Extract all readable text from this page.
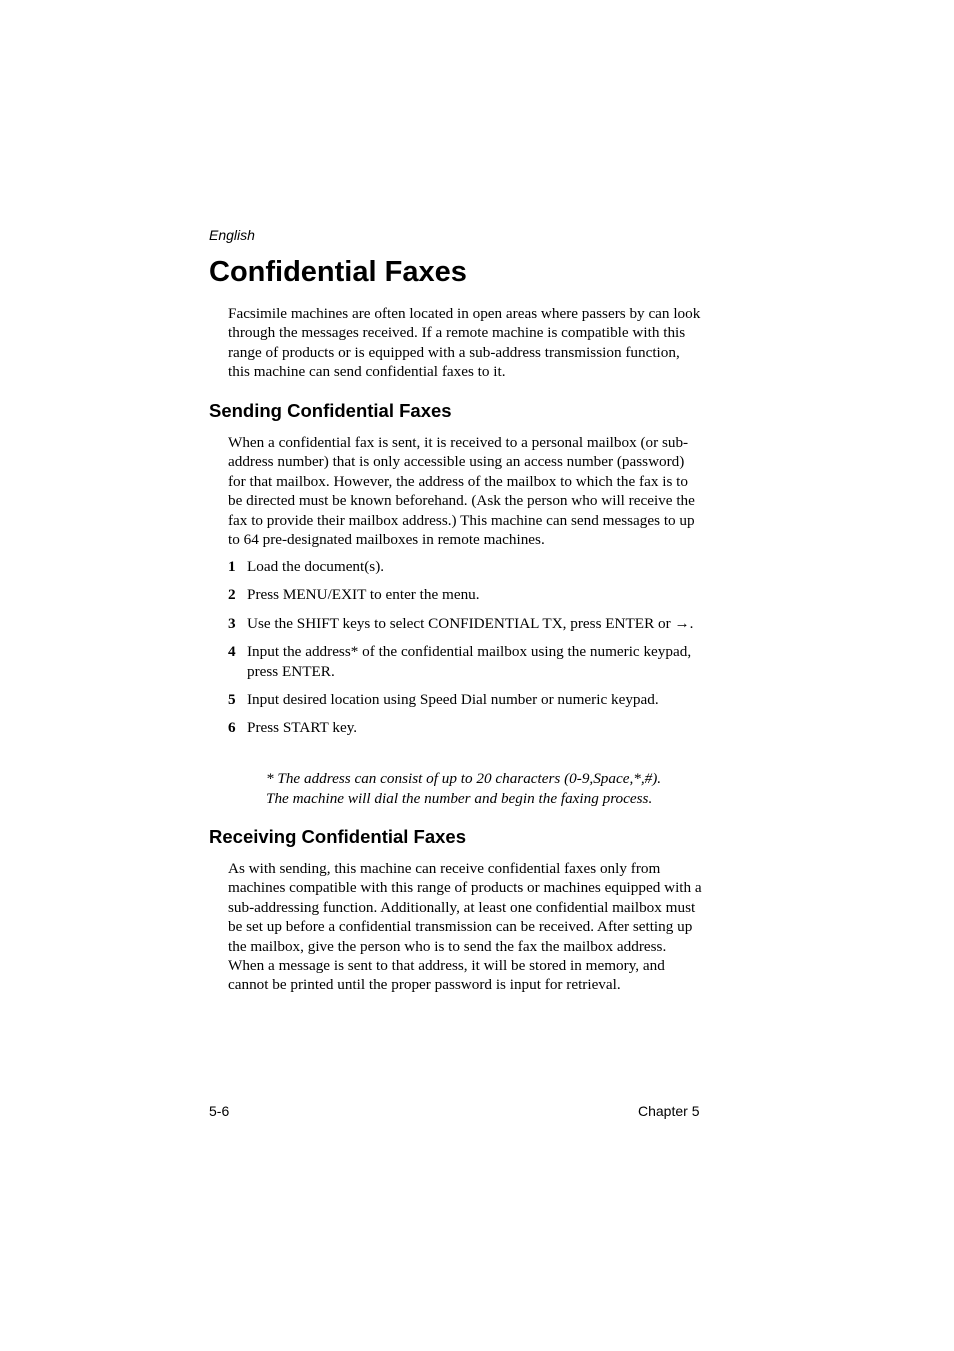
English
Confidential Faxes

Facsimile machines are often located in open areas where passers by can look through the messages received. If a remote machine is compatible with this range of products or is equipped with a sub-address transmission function, this machine can send confidential faxes to it.

Sending Confidential Faxes

When a confidential fax is sent, it is received to a personal mailbox (or sub-address number) that is only accessible using an access number (password) for that mailbox. However, the address of the mailbox to which the fax is to be directed must be known beforehand. (Ask the person who will receive the fax to provide their mailbox address.) This machine can send messages to up to 64 pre-designated mailboxes in remote machines.

1 Load the document(s).
2 Press MENU/EXIT to enter the menu.
3 Use the SHIFT keys to select CONFIDENTIAL TX, press ENTER or →.
4 Input the address* of the confidential mailbox using the numeric keypad, press ENTER.
5 Input desired location using Speed Dial number or numeric keypad.
6 Press START key.
* The address can consist of up to 20 characters (0-9,Space,*,#).
The machine will dial the number and begin the faxing process.
Receiving Confidential Faxes

As with sending, this machine can receive confidential faxes only from machines compatible with this range of products or machines equipped with a sub-addressing function. Additionally, at least one confidential mailbox must be set up before a confidential transmission can be received. After setting up the mailbox, give the person who is to send the fax the mailbox address. When a message is sent to that address, it will be stored in memory, and cannot be printed until the proper password is input for retrieval.

5-6	Chapter 5
